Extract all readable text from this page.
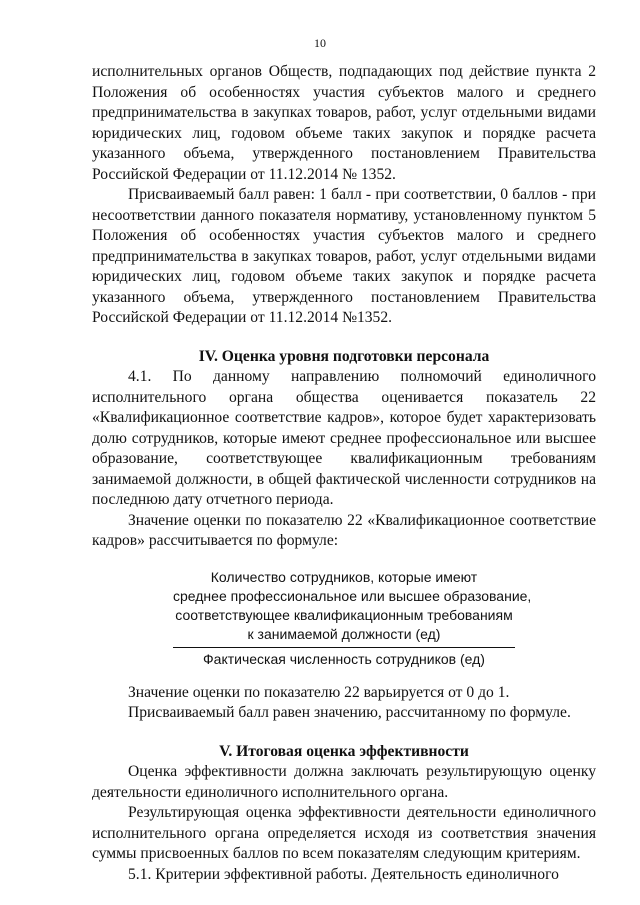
10

исполнительных органов Обществ, подпадающих под действие пункта 2 Положения об особенностях участия субъектов малого и среднего предпринимательства в закупках товаров, работ, услуг отдельными видами юридических лиц, годовом объеме таких закупок и порядке расчета указанного объема, утвержденного постановлением Правительства Российской Федерации от 11.12.2014 № 1352.

Присваиваемый балл равен: 1 балл - при соответствии, 0 баллов - при несоответствии данного показателя нормативу, установленному пунктом 5 Положения об особенностях участия субъектов малого и среднего предпринимательства в закупках товаров, работ, услуг отдельными видами юридических лиц, годовом объеме таких закупок и порядке расчета указанного объема, утвержденного постановлением Правительства Российской Федерации от 11.12.2014 №1352.

IV. Оценка уровня подготовки персонала

4.1. По данному направлению полномочий единоличного исполнительного органа общества оценивается показатель 22 «Квалификационное соответствие кадров», которое будет характеризовать долю сотрудников, которые имеют среднее профессиональное или высшее образование, соответствующее квалификационным требованиям занимаемой должности, в общей фактической численности сотрудников на последнюю дату отчетного периода.

Значение оценки по показателю 22 «Квалификационное соответствие кадров» рассчитывается по формуле:

Количество сотрудников, которые имеют
среднее профессиональное или высшее образование,
соответствующее квалификационным требованиям
к занимаемой должности (ед)
Фактическая численность сотрудников (ед)

Значение оценки по показателю 22 варьируется от 0 до 1.

Присваиваемый балл равен значению, рассчитанному по формуле.

V. Итоговая оценка эффективности

Оценка эффективности должна заключать результирующую оценку деятельности единоличного исполнительного органа.

Результирующая оценка эффективности деятельности единоличного исполнительного органа определяется исходя из соответствия значения суммы присвоенных баллов по всем показателям следующим критериям.

5.1. Критерии эффективной работы. Деятельность единоличного
